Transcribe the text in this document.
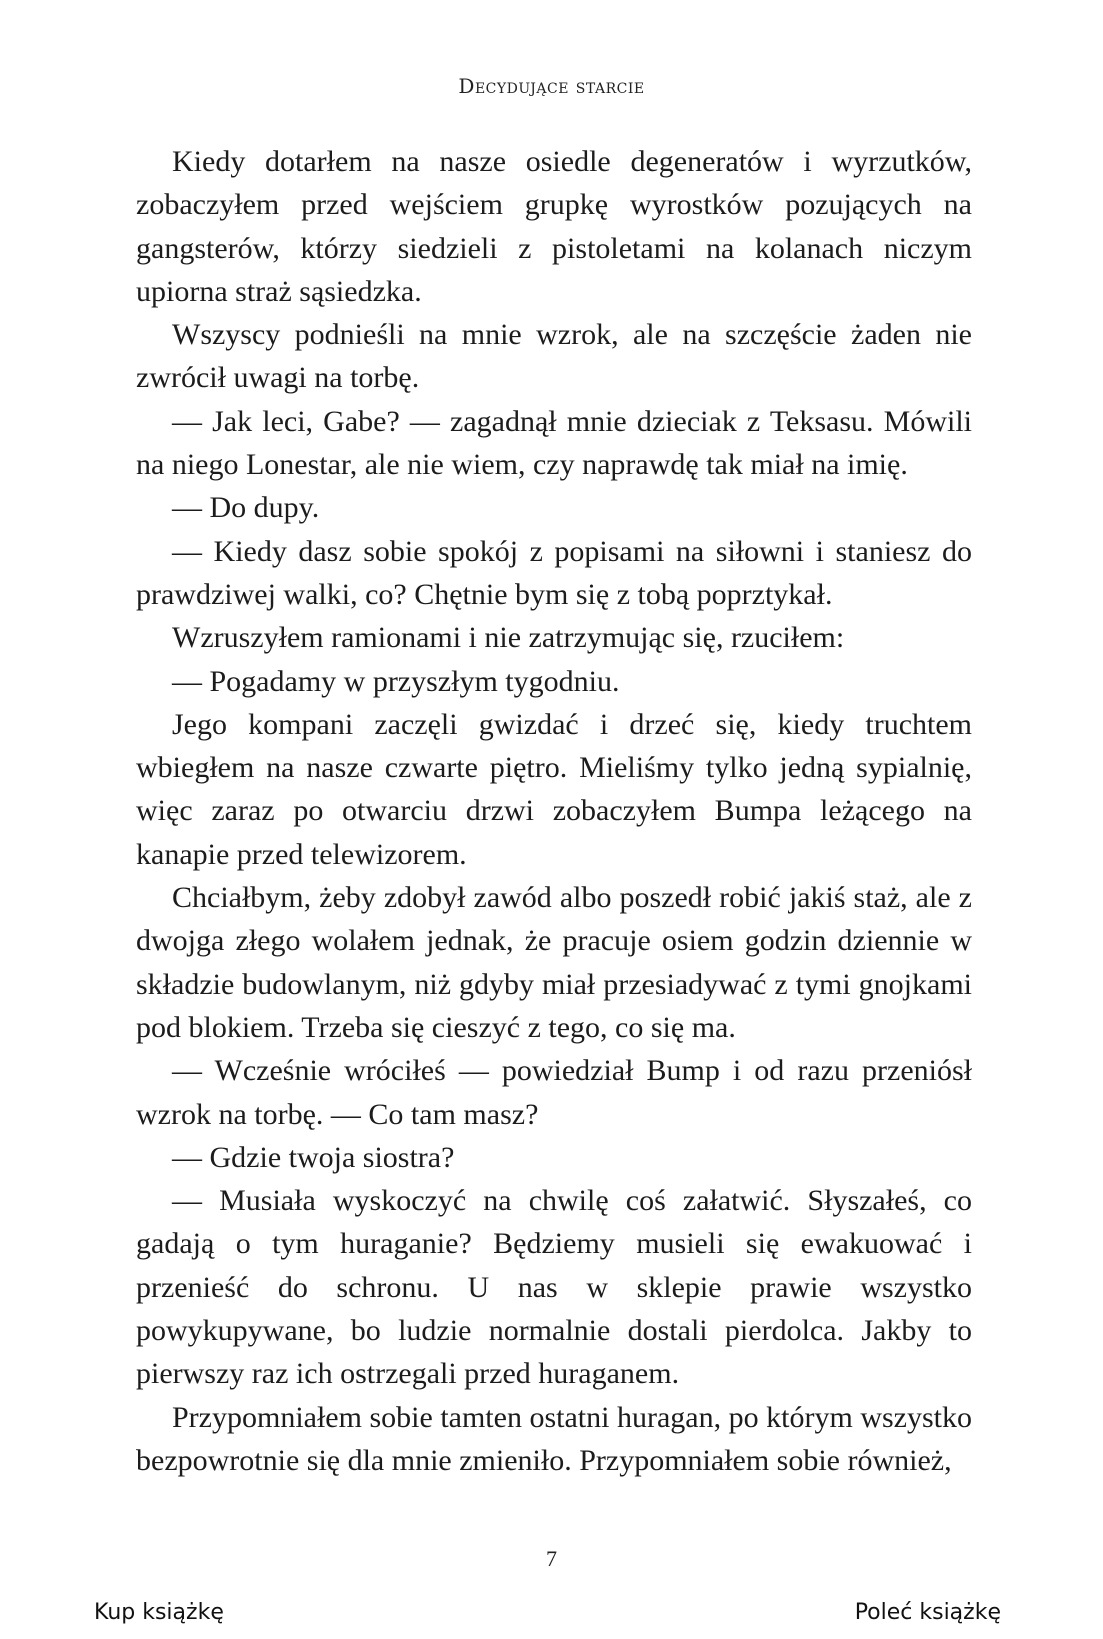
Decydujące starcie

Kiedy dotarłem na nasze osiedle degeneratów i wyrzutków, zobaczyłem przed wejściem grupkę wyrostków pozujących na gangsterów, którzy siedzieli z pistoletami na kolanach niczym upiorna straż sąsiedzka.

Wszyscy podnieśli na mnie wzrok, ale na szczęście żaden nie zwrócił uwagi na torbę.

— Jak leci, Gabe? — zagadnął mnie dzieciak z Teksasu. Mówili na niego Lonestar, ale nie wiem, czy naprawdę tak miał na imię.

— Do dupy.

— Kiedy dasz sobie spokój z popisami na siłowni i staniesz do prawdziwej walki, co? Chętnie bym się z tobą poprztykał.

Wzruszyłem ramionami i nie zatrzymując się, rzuciłem:

— Pogadamy w przyszłym tygodniu.

Jego kompani zaczęli gwizdać i drzeć się, kiedy truchtem wbiegłem na nasze czwarte piętro. Mieliśmy tylko jedną sypialnię, więc zaraz po otwarciu drzwi zobaczyłem Bumpa leżącego na kanapie przed telewizorem.

Chciałbym, żeby zdobył zawód albo poszedł robić jakiś staż, ale z dwojga złego wolałem jednak, że pracuje osiem godzin dziennie w składzie budowlanym, niż gdyby miał przesiadywać z tymi gnojkami pod blokiem. Trzeba się cieszyć z tego, co się ma.

— Wcześnie wróciłeś — powiedział Bump i od razu przeniósł wzrok na torbę. — Co tam masz?

— Gdzie twoja siostra?

— Musiała wyskoczyć na chwilę coś załatwić. Słyszałeś, co gadają o tym huraganie? Będziemy musieli się ewakuować i przenieść do schronu. U nas w sklepie prawie wszystko powykupywane, bo ludzie normalnie dostali pierdolca. Jakby to pierwszy raz ich ostrzegali przed huraganem.

Przypomniałem sobie tamten ostatni huragan, po którym wszystko bezpowrotnie się dla mnie zmieniło. Przypomniałem sobie również,

7
Kup książkę	Poleć książkę
